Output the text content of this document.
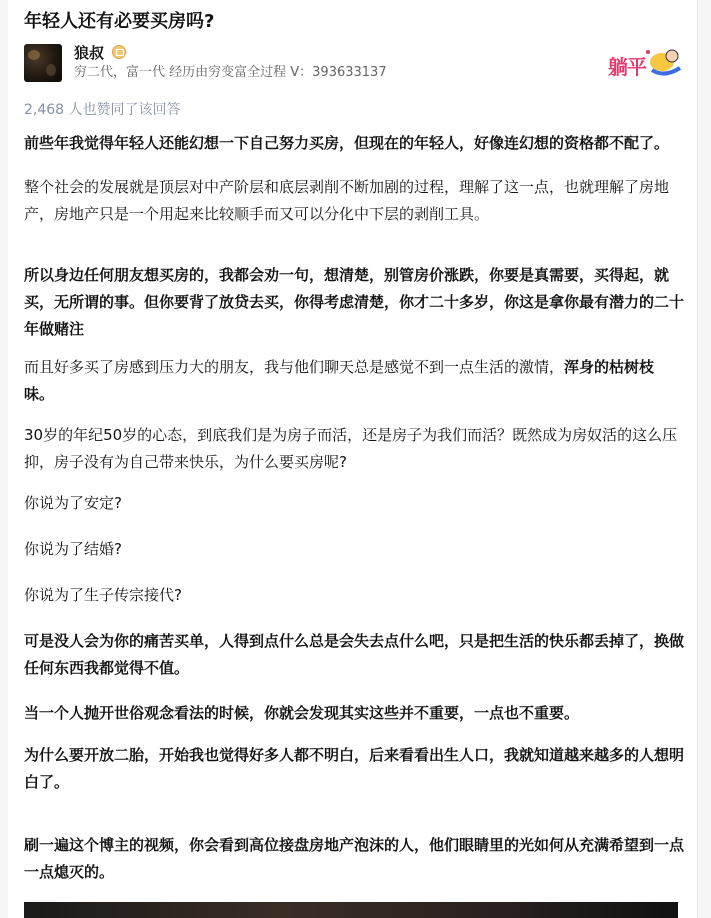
年轻人还有必要买房吗?
狼叔
穷二代，富一代 经历由穷变富全过程 V：393633137	躺平
2,468 人也赞同了该回答

前些年我觉得年轻人还能幻想一下自己努力买房，但现在的年轻人，好像连幻想的资格都不配了。

整个社会的发展就是顶层对中产阶层和底层剥削不断加剧的过程，理解了这一点，也就理解了房地产，房地产只是一个用起来比较顺手而又可以分化中下层的剥削工具。

所以身边任何朋友想买房的，我都会劝一句，想清楚，别管房价涨跌，你要是真需要，买得起，就买，无所谓的事。但你要背了放贷去买，你得考虑清楚，你才二十多岁，你这是拿你最有潜力的二十年做赌注

而且好多买了房感到压力大的朋友，我与他们聊天总是感觉不到一点生活的激情，浑身的枯树枝味。

30岁的年纪50岁的心态，到底我们是为房子而活，还是房子为我们而活？既然成为房奴活的这么压抑，房子没有为自己带来快乐，为什么要买房呢?

你说为了安定?

你说为了结婚?

你说为了生子传宗接代?

可是没人会为你的痛苦买单，人得到点什么总是会失去点什么吧，只是把生活的快乐都丢掉了，换做任何东西我都觉得不值。

当一个人抛开世俗观念看法的时候，你就会发现其实这些并不重要，一点也不重要。

为什么要开放二胎，开始我也觉得好多人都不明白，后来看看出生人口，我就知道越来越多的人想明白了。

刷一遍这个博主的视频，你会看到高位接盘房地产泡沫的人，他们眼睛里的光如何从充满希望到一点一点熄灭的。
